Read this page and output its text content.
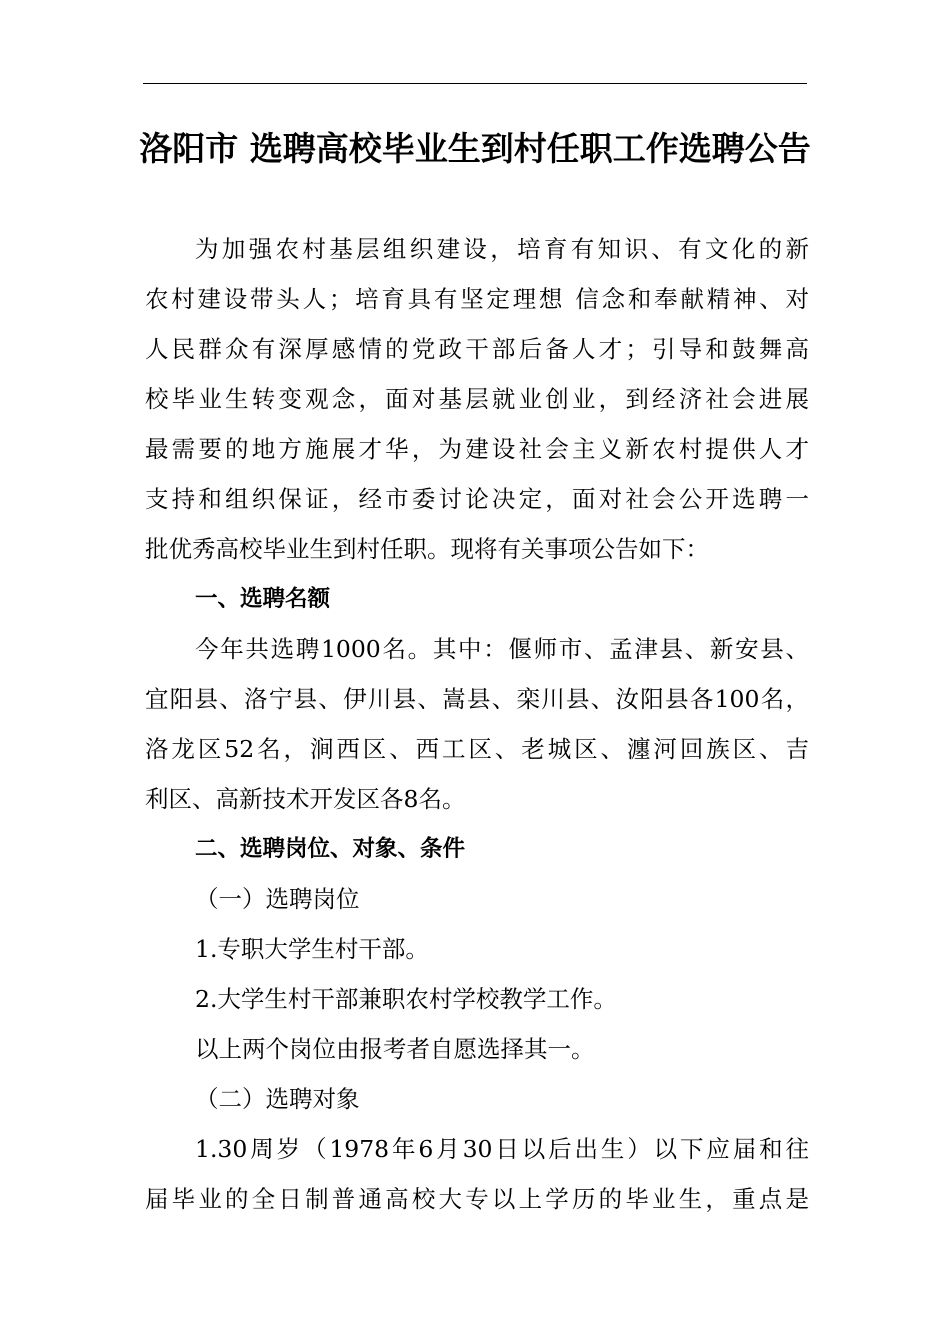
洛阳市 选聘高校毕业生到村任职工作选聘公告
为加强农村基层组织建设，培育有知识、有文化的新
农村建设带头人；培育具有坚定理想 信念和奉献精神、对
人民群众有深厚感情的党政干部后备人才；引导和鼓舞高
校毕业生转变观念，面对基层就业创业，到经济社会进展
最需要的地方施展才华，为建设社会主义新农村提供人才
支持和组织保证，经市委讨论决定，面对社会公开选聘一
批优秀高校毕业生到村任职。现将有关事项公告如下：
一、选聘名额
今年共选聘1000名。其中：偃师市、孟津县、新安县、
宜阳县、洛宁县、伊川县、嵩县、栾川县、汝阳县各100名，
洛龙区52名，涧西区、西工区、老城区、瀍河回族区、吉
利区、高新技术开发区各8名。
二、选聘岗位、对象、条件
（一）选聘岗位
1.专职大学生村干部。
2.大学生村干部兼职农村学校教学工作。
以上两个岗位由报考者自愿选择其一。
（二）选聘对象
1.30周岁（1978年6月30日以后出生）以下应届和往
届毕业的全日制普通高校大专以上学历的毕业生，重点是
